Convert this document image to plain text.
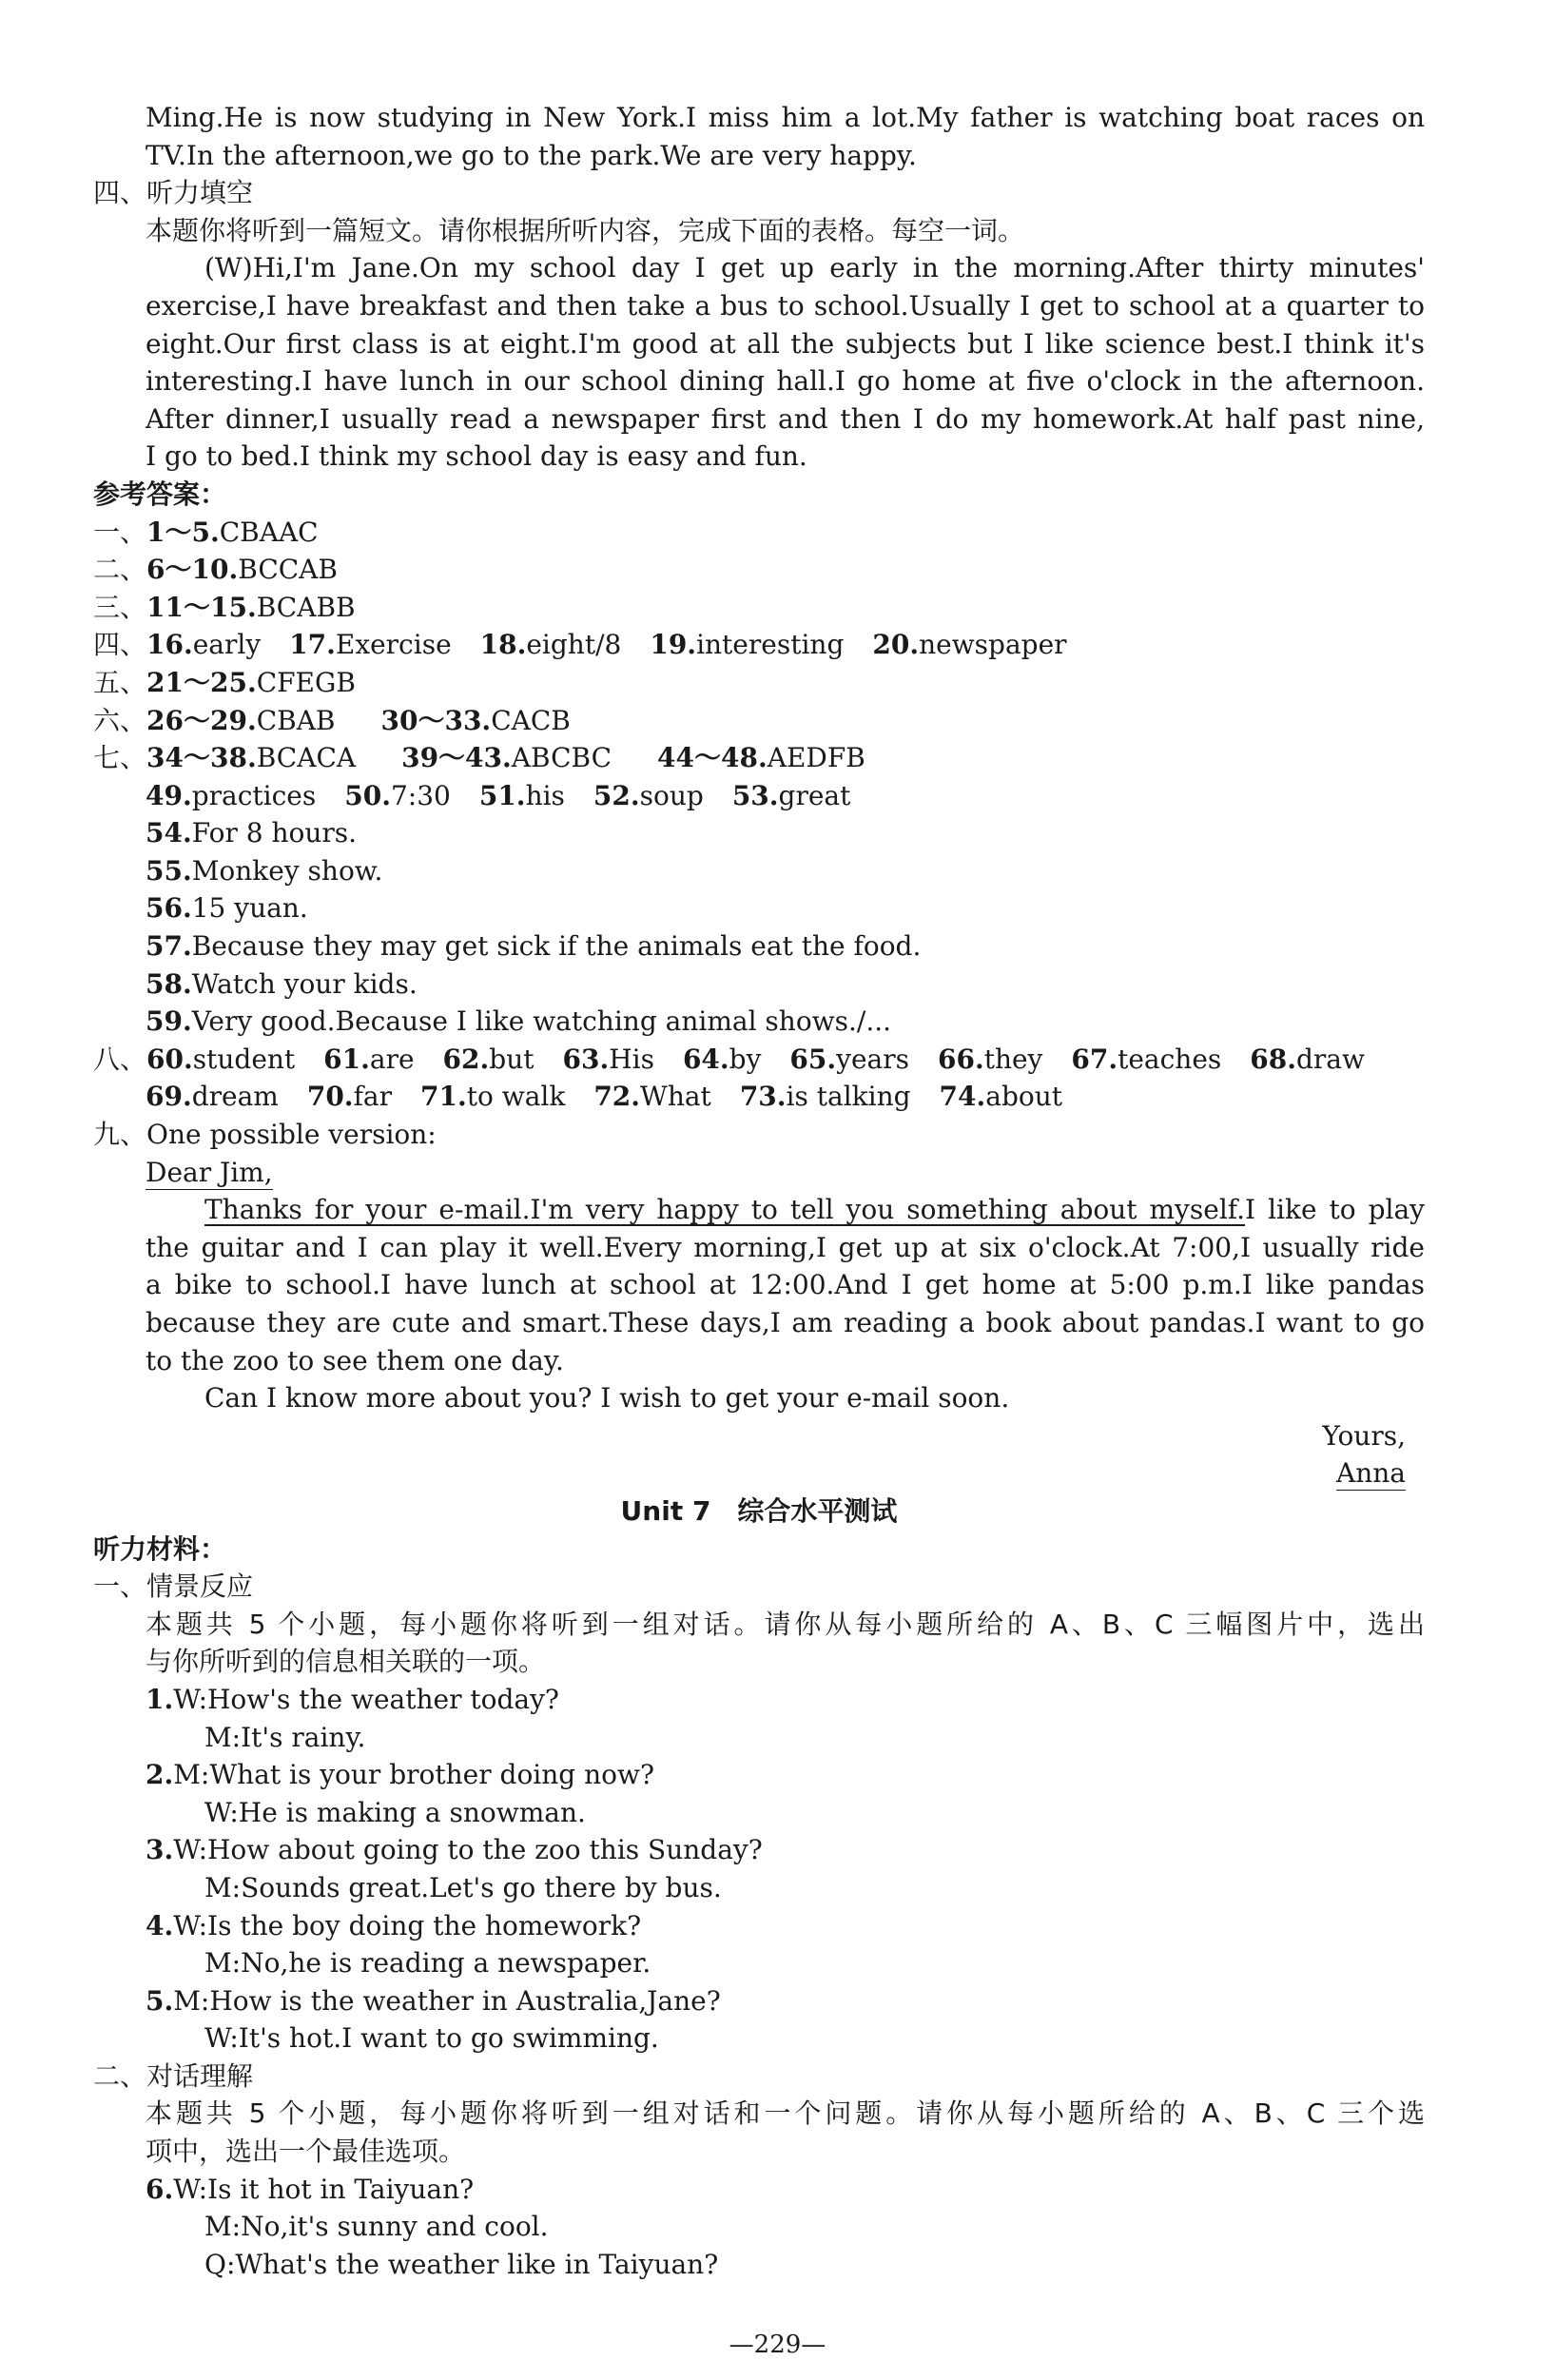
Ming.He is now studying in New York.I miss him a lot.My father is watching boat races on
TV.In the afternoon,we go to the park.We are very happy.
四、听力填空
本题你将听到一篇短文。请你根据所听内容，完成下面的表格。每空一词。
(W)Hi,I'm Jane.On my school day I get up early in the morning.After thirty minutes'
exercise,I have breakfast and then take a bus to school.Usually I get to school at a quarter to
eight.Our first class is at eight.I'm good at all the subjects but I like science best.I think it's
interesting.I have lunch in our school dining hall.I go home at five o'clock in the afternoon.
After dinner,I usually read a newspaper first and then I do my homework.At half past nine,
I go to bed.I think my school day is easy and fun.
参考答案：
一、1～5.CBAAC
二、6～10.BCCAB
三、11～15.BCABB
四、16.early 17.Exercise 18.eight/8 19.interesting 20.newspaper
五、21～25.CFEGB
六、26～29.CBAB 30～33.CACB
七、34～38.BCACA 39～43.ABCBC 44～48.AEDFB
49.practices 50.7:30 51.his 52.soup 53.great
54.For 8 hours.
55.Monkey show.
56.15 yuan.
57.Because they may get sick if the animals eat the food.
58.Watch your kids.
59.Very good.Because I like watching animal shows./...
八、60.student 61.are 62.but 63.His 64.by 65.years 66.they 67.teaches 68.draw
69.dream 70.far 71.to walk 72.What 73.is talking 74.about
九、One possible version:
Dear Jim,
Thanks for your e-mail.I'm very happy to tell you something about myself.I like to play
the guitar and I can play it well.Every morning,I get up at six o'clock.At 7:00,I usually ride
a bike to school.I have lunch at school at 12:00.And I get home at 5:00 p.m.I like pandas
because they are cute and smart.These days,I am reading a book about pandas.I want to go
to the zoo to see them one day.
Can I know more about you? I wish to get your e-mail soon.
Yours,
Anna
Unit 7　综合水平测试
听力材料：
一、情景反应
本题共 5 个小题，每小题你将听到一组对话。请你从每小题所给的 A、B、C 三幅图片中，选出
与你所听到的信息相关联的一项。
1.W:How's the weather today?
M:It's rainy.
2.M:What is your brother doing now?
W:He is making a snowman.
3.W:How about going to the zoo this Sunday?
M:Sounds great.Let's go there by bus.
4.W:Is the boy doing the homework?
M:No,he is reading a newspaper.
5.M:How is the weather in Australia,Jane?
W:It's hot.I want to go swimming.
二、对话理解
本题共 5 个小题，每小题你将听到一组对话和一个问题。请你从每小题所给的 A、B、C 三个选
项中，选出一个最佳选项。
6.W:Is it hot in Taiyuan?
M:No,it's sunny and cool.
Q:What's the weather like in Taiyuan?
—229—
